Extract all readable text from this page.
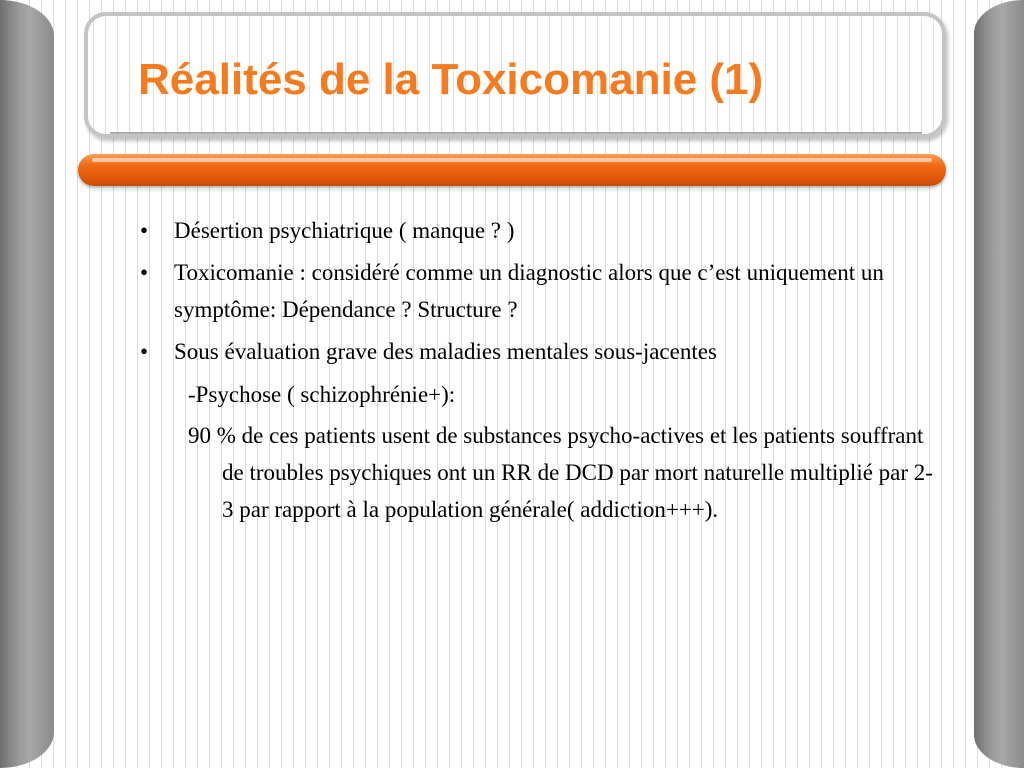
Réalités de la Toxicomanie (1)
• Désertion psychiatrique ( manque ? )
• Toxicomanie : considéré comme un diagnostic alors que c’est uniquement un symptôme: Dépendance ? Structure ?
• Sous évaluation grave des maladies mentales sous-jacentes
-Psychose ( schizophrénie+):
90 % de ces patients usent de substances psycho-actives et les patients souffrant de troubles psychiques ont un RR de DCD par mort naturelle multiplié par 2-3 par rapport à la population générale( addiction+++).
